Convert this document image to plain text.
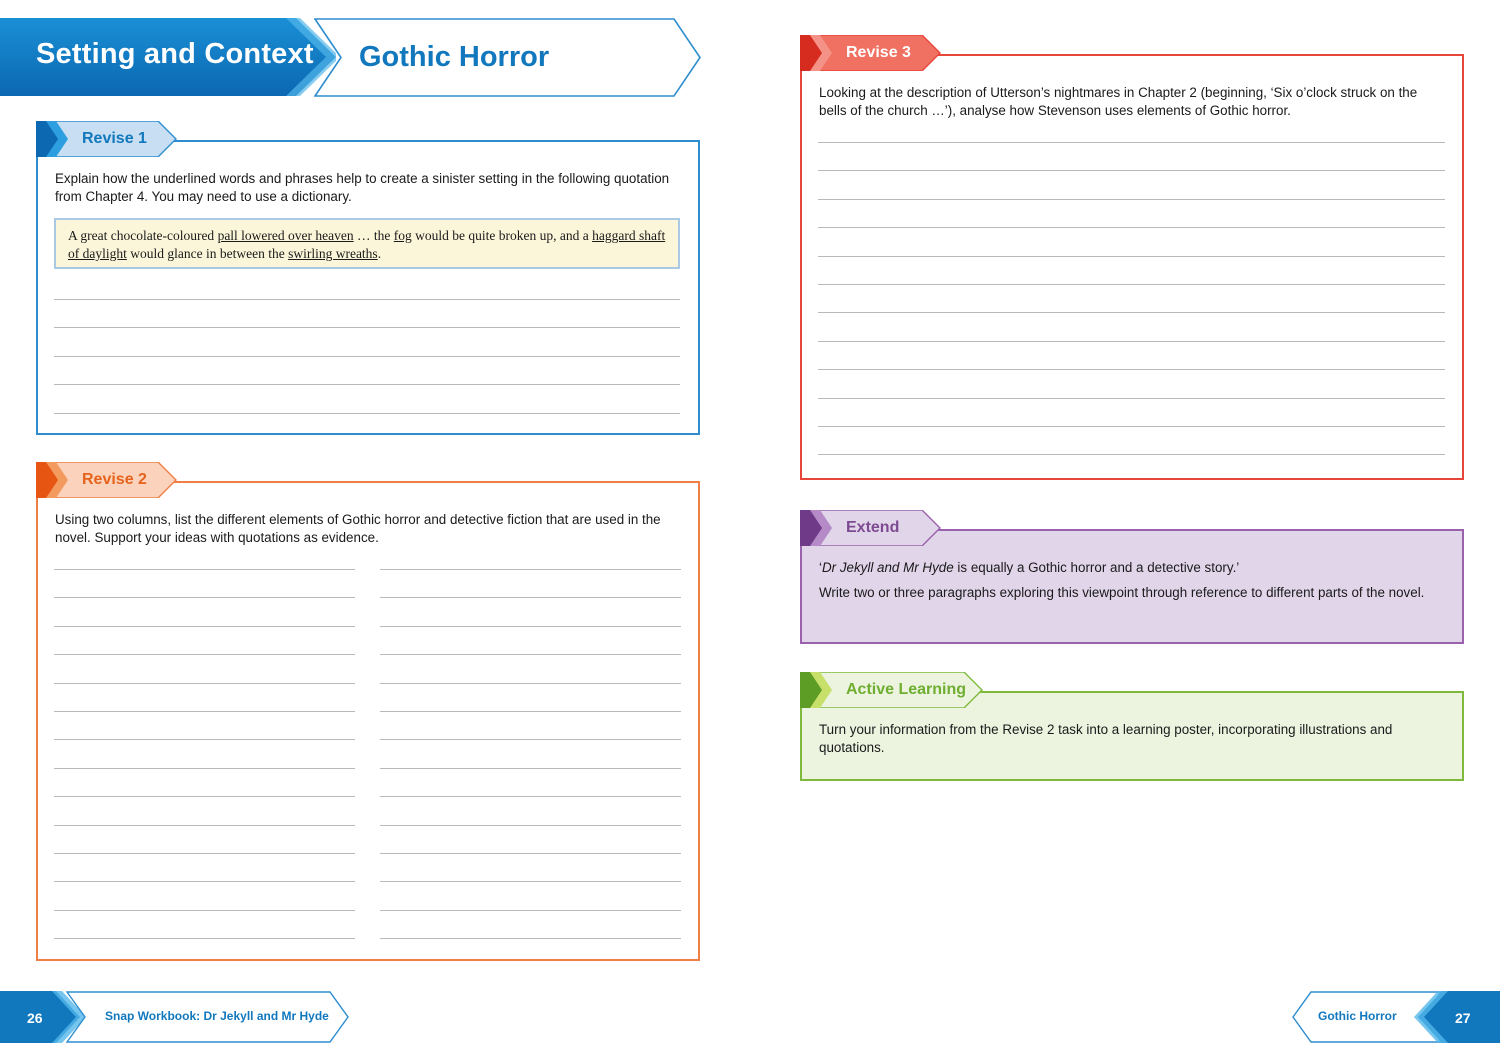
Setting and Context Gothic Horror
Revise 1
Explain how the underlined words and phrases help to create a sinister setting in the following quotation from Chapter 4. You may need to use a dictionary.
A great chocolate-coloured pall lowered over heaven … the fog would be quite broken up, and a haggard shaft of daylight would glance in between the swirling wreaths.
Revise 2
Using two columns, list the different elements of Gothic horror and detective fiction that are used in the novel. Support your ideas with quotations as evidence.
Revise 3
Looking at the description of Utterson’s nightmares in Chapter 2 (beginning, ‘Six o’clock struck on the bells of the church …’), analyse how Stevenson uses elements of Gothic horror.
Extend
‘Dr Jekyll and Mr Hyde is equally a Gothic horror and a detective story.’
Write two or three paragraphs exploring this viewpoint through reference to different parts of the novel.
Active Learning
Turn your information from the Revise 2 task into a learning poster, incorporating illustrations and quotations.
26	Snap Workbook: Dr Jekyll and Mr Hyde	Gothic Horror	27
